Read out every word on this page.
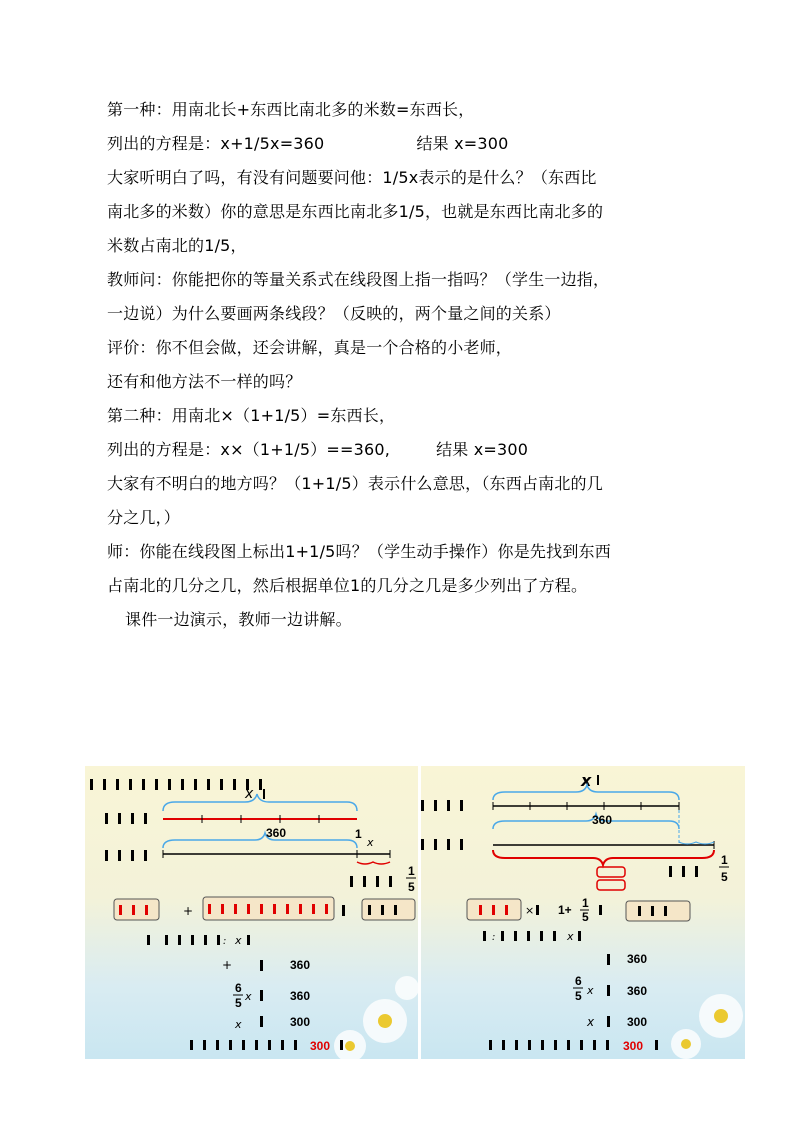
第一种：用南北长+东西比南北多的米数=东西长，
列出的方程是：x+1/5x=360	结果 x=300
大家听明白了吗，有没有问题要问他：1/5x表示的是什么？（东西比
南北多的米数）你的意思是东西比南北多1/5，也就是东西比南北多的
米数占南北的1/5，
教师问：你能把你的等量关系式在线段图上指一指吗？（学生一边指，
一边说）为什么要画两条线段？（反映的，两个量之间的关系）
评价：你不但会做，还会讲解，真是一个合格的小老师，
还有和他方法不一样的吗？
第二种：用南北×（1+1/5）=东西长，
列出的方程是：x×（1+1/5）==360,	结果 x=300
大家有不明白的地方吗？（1+1/5）表示什么意思，（东西占南北的几
分之几，）
师：你能在线段图上标出1+1/5吗？（学生动手操作）你是先找到东西
占南北的几分之几，然后根据单位1的几分之几是多少列出了方程。
课件一边演示，教师一边讲解。
x
360	1
x
1
5
+
: x
+	360
6
5 x	360
x	300
300
x
360
1
5
× 1+ 1
5
:	x
360
6
5 x	360
x	300
300
